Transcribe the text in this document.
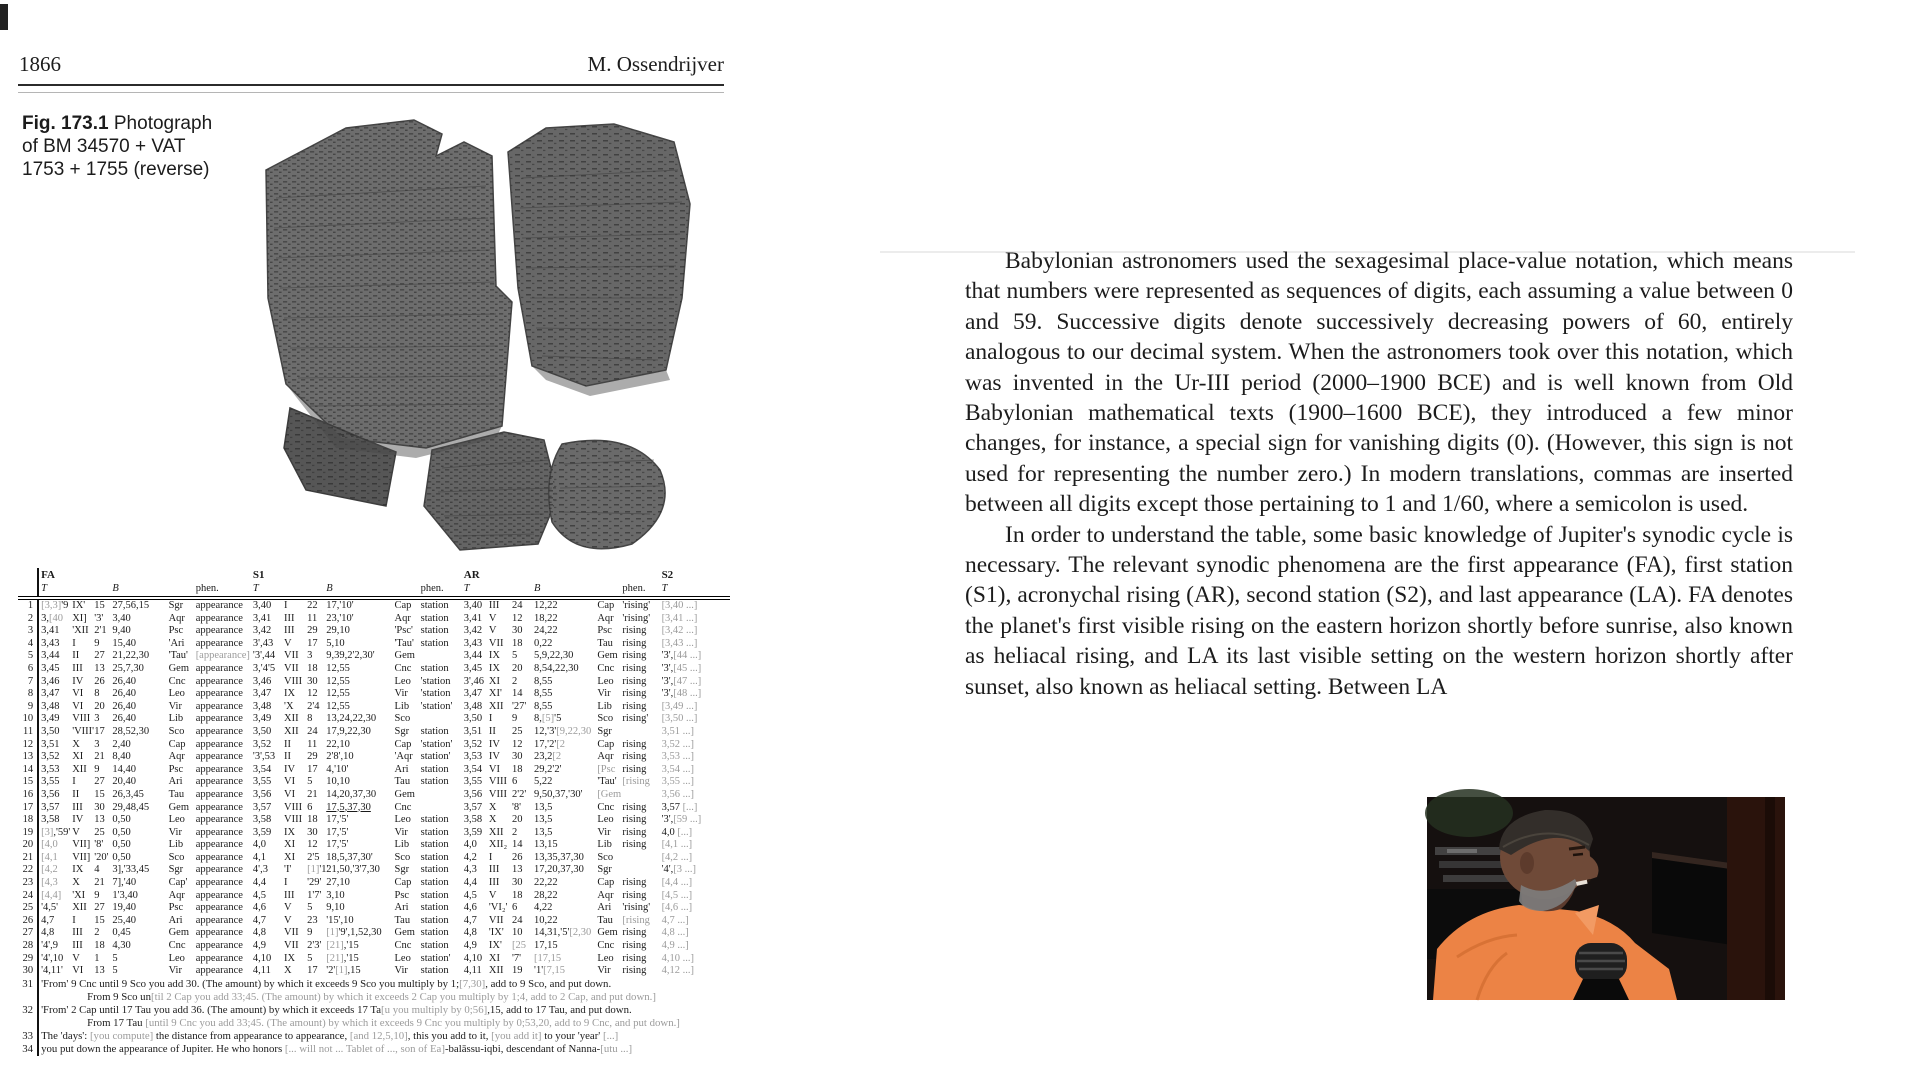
1866	M. Ossendrijver
Fig. 173.1 Photograph of BM 34570 + VAT 1753 + 1755 (reverse)
	FA						S1						AR						S2
	T			B		phen.	T			B		phen.	T			B		phen.	T
1	[3,3]'9	IX'	15	27,56,15	Sgr	appearance	3,40	I	22	17,'10'	Cap	station	3,40	III	24	12,22	Cap	'rising'	[3,40 ...]
2	3,[40	XI]	'3'	3,40	Aqr	appearance	3,41	III	11	23,'10'	Aqr	station	3,41	V	12	18,22	Aqr	'rising'	[3,41 ...]
3	3,41	'XII	2'1	9,40	Psc	appearance	3,42	III	29	29,10	'Psc'	station	3,42	V	30	24,22	Psc	rising	[3,42 ...]
4	3,43	I	9	15,40	'Ari	appearance	3',43	V	17	5,10	'Tau'	station	3,43	VII	18	0,22	Tau	rising	[3,43 ...]
5	3,44	II	27	21,22,30	'Tau'	[appearance]	'3',44	VII	3	9,39,2'2,30'	Gem		3,44	IX	5	5,9,22,30	Gem	rising	'3',[44 ...]
6	3,45	III	13	25,7,30	Gem	appearance	3,'4'5	VII	18	12,55	Cnc	station	3,45	IX	20	8,54,22,30	Cnc	rising	'3',[45 ...]
7	3,46	IV	26	26,40	Cnc	appearance	3,46	VIII	30	12,55	Leo	'station	3',46	XI	2	8,55	Leo	rising	'3',[47 ...]
8	3,47	VI	8	26,40	Leo	appearance	3,47	IX	12	12,55	Vir	'station	3,47	XI'	14	8,55	Vir	rising	'3',[48 ...]
9	3,48	VI	20	26,40	Vir	appearance	3,48	'X	2'4	12,55	Lib	'station'	3,48	XII	'27'	8,55	Lib	rising	[3,49 ...]
10	3,49	VIII	3	26,40	Lib	appearance	3,49	XII	8	13,24,22,30	Sco		3,50	I	9	8,[5]'5	Sco	rising'	[3,50 ...]
11	3,50	'VIII'	17	28,52,30	Sco	appearance	3,50	XII	24	17,9,22,30	Sgr	station	3,51	II	25	12,'3'[9,22,30	Sgr		3,51 ...]
12	3,51	X	3	2,40	Cap	appearance	3,52	II	11	22,10	Cap	'station'	3,52	IV	12	17,'2'[2	Cap	rising	3,52 ...]
13	3,52	XI	21	8,40	Aqr	appearance	'3',53	II	29	2'8',10	'Aqr	station'	3,53	IV	30	23,2[2	Aqr	rising	3,53 ...]
14	3,53	XII	9	14,40	Psc	appearance	3,54	IV	17	4,'10'	Ari	station	3,54	VI	18	29,2'2'	[Psc	rising	3,54 ...]
15	3,55	I	27	20,40	Ari	appearance	3,55	VI	5	10,10	Tau	station	3,55	VIII	6	5,22	'Tau'	[rising	3,55 ...]
16	3,56	II	15	26,3,45	Tau	appearance	3,56	VI	21	14,20,37,30	Gem		3,56	VIII	2'2'	9,50,37,'30'	[Gem		3,56 ...]
17	3,57	III	30	29,48,45	Gem	appearance	3,57	VIII	6	17,5,37,30	Cnc		3,57	X	'8'	13,5	Cnc	rising	3,57 [...]
18	3,58	IV	13	0,50	Leo	appearance	3,58	VIII	18	17,'5'	Leo	station	3,58	X	20	13,5	Leo	rising	'3',[59 ...]
19	[3],'59'	V	25	0,50	Vir	appearance	3,59	IX	30	17,'5'	Vir	station	3,59	XII	2	13,5	Vir	rising	4,0 [...]
20	[4,0	VII]	'8'	0,50	Lib	appearance	4,0	XI	12	17,'5'	Lib	station	4,0	XII₂	14	13,15	Lib	rising	[4,1 ...]
21	[4,1	VII]	'20'	0,50	Sco	appearance	4,1	XI	2'5	18,5,37,30'	Sco	station	4,2	I	26	13,35,37,30	Sco		[4,2 ...]
22	[4,2	IX	4	3],'33,45	Sgr	appearance	4',3	'I'	[1]'1'	21,50,'3'7,30	Sgr	station	4,3	III	13	17,20,37,30	Sgr		'4',[3 ...]
23	[4,3	X	21	7],'40	Cap'	appearance	4,4	I	'29'	27,10	Cap	station	4,4	III	30	22,22	Cap	rising	[4,4 ...]
24	[4,4]	'XI	9	1'3,40	Aqr	appearance	4,5	III	1'7'	3,10	Psc	station	4,5	V	18	28,22	Aqr	rising	[4,5 ...]
25	'4,5'	XII	27	19,40	Psc	appearance	4,6	V	5	9,10	Ari	station	4,6	'VI₂'	6	4,22	Ari	'rising'	[4,6 ...]
26	4,7	I	15	25,40	Ari	appearance	4,7	V	23	'15',10	Tau	station	4,7	VII	24	10,22	Tau	[rising	4,7 ...]
27	4,8	III	2	0,45	Gem	appearance	4,8	VII	9	[1]'9',1,52,30	Gem	station	4,8	'IX'	10	14,31,'5'[2,30	Gem	rising	4,8 ...]
28	'4',9	III	18	4,30	Cnc	appearance	4,9	VII	2'3'	[21],'15	Cnc	station	4,9	IX'	[25	17,15	Cnc	rising	4,9 ...]
29	'4',10	V	1	5	Leo	appearance	4,10	IX	5	[21],'15	Leo	station'	4,10	XI	'7'	[17,15	Leo	rising	4,10 ...]
30	'4,11'	VI	13	5	Vir	appearance	4,11	X	17	'2'[1],15	Vir	station	4,11	XII	19	'1'[7,15	Vir	rising	4,12 ...]
31	'From' 9 Cnc until 9 Sco you add 30. (The amount) by which it exceeds 9 Sco you multiply by 1;[7,30], add to 9 Sco, and put down.
From 9 Sco un[til 2 Cap you add 33;45. (The amount) by which it exceeds 2 Cap you multiply by 1;4, add to 2 Cap, and put down.]																		

32	'From' 2 Cap until 17 Tau you add 36. (The amount) by which it exceeds 17 Ta[u you multiply by 0;56],15, add to 17 Tau, and put down.
From 17 Tau [until 9 Cnc you add 33;45. (The amount) by which it exceeds 9 Cnc you multiply by 0;53,20, add to 9 Cnc, and put down.]																		

33	The 'days': [you compute] the distance from appearance to appearance, [and 12,5,10], this you add to it, [you add it] to your 'year' [...]																		

34	you put down the appearance of Jupiter. He who honors [... will not ... Tablet of ..., son of Ea]-balāssu-iqbi, descendant of Nanna-[utu ...]																		

Babylonian astronomers used the sexagesimal place-value notation, which means that numbers were represented as sequences of digits, each assuming a value between 0 and 59. Successive digits denote successively decreasing powers of 60, entirely analogous to our decimal system. When the astronomers took over this notation, which was invented in the Ur-III period (2000–1900 BCE) and is well known from Old Babylonian mathematical texts (1900–1600 BCE), they introduced a few minor changes, for instance, a special sign for vanishing digits (0). (However, this sign is not used for representing the number zero.) In modern translations, commas are inserted between all digits except those pertaining to 1 and 1/60, where a semicolon is used.

In order to understand the table, some basic knowledge of Jupiter's synodic cycle is necessary. The relevant synodic phenomena are the first appearance (FA), first station (S1), acronychal rising (AR), second station (S2), and last appearance (LA). FA denotes the planet's first visible rising on the eastern horizon shortly before sunrise, also known as heliacal rising, and LA its last visible setting on the western horizon shortly after sunset, also known as heliacal setting. Between LA
